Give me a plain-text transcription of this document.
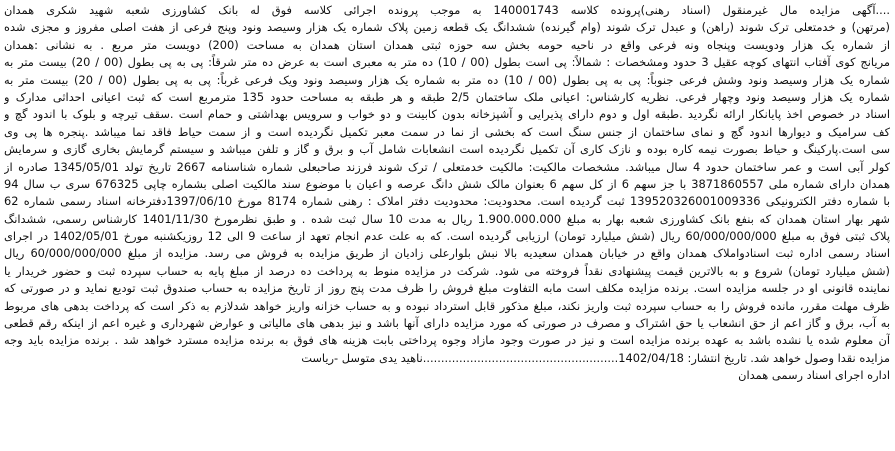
....آگهی مزایده مال غیرمنقول (اسناد رهنی)پرونده کلاسه 140001743 به موجب پرونده اجرائی کلاسه فوق له بانک کشاورزی شعبه شهید شکری همدان
(مرتهن) و خدمتعلی ترک شوند (راهن) و عبدل ترک شوند (وام گیرنده) ششدانگ یک قطعه زمین پلاک شماره یک هزار وسیصد ونود وپنج فرعی از هفت اصلی مفروز و مجزی شده
از شماره یک هزار ودویست وپنجاه ونه فرعی واقع در ناحیه حومه بخش سه حوزه ثبتی همدان استان همدان به مساحت (200) دویست متر مربع . به نشانی :همدان
مریانج کوی آفتاب انتهای کوچه عقیل 3 حدود ومشخصات : شمالاً: پی است بطول (00 / 10) ده متر به معبری است به عرض ده متر شرقاً: پی به پی بطول (00 / 20) بیست متر به
شماره یک هزار وسیصد ونود وشش فرعی جنوباً: پی به پی بطول (00 / 10) ده متر به شماره یک هزار وسیصد ونود ویک فرعی غرباً: پی به پی بطول (00 / 20) بیست متر به
شماره یک هزار وسیصد ونود وچهار فرعی. نظریه کارشناس: اعیانی ملک ساختمان 2/5 طبقه و هر طبقه به مساحت حدود 135 مترمربع است که ثبت اعیانی احداثی مدارک و
اسناد در خصوص اخذ پایانکار ارائه نگردید .طبقه اول و دوم دارای پذیرایی و آشپزخانه بدون کابینت و دو خواب و سرویس بهداشتی و حمام است .سقف تیرچه و بلوک با اندود گچ و
کف سرامیک و دیوارها اندود گچ و نمای ساختمان از جنس سنگ است که بخشی از نما در سمت معبر تکمیل نگردیده است و از سمت حیاط فاقد نما میباشد .پنجره ها پی وی
سی است.پارکینگ و حیاط بصورت نیمه کاره بوده و نازک کاری آن تکمیل نگردیده است انشعابات شامل آب و برق و گاز و تلفن میباشد و سیستم گرمایش بخاری گازی و سرمایش
کولر آبی است و عمر ساختمان حدود 4 سال میباشد. مشخصات مالکیت: مالکیت خدمتعلی / ترک شوند فرزند صاحبعلی شماره شناسنامه 2667 تاریخ تولد 1345/05/01 صادره از
همدان دارای شماره ملی 3871860557 با جز سهم 6 از کل سهم 6 بعنوان مالک شش دانگ عرصه و اعیان با موضوع سند مالکیت اصلی بشماره چاپی 676325 سری ب سال 94
با شماره دفتر الکترونیکی 139520326001009336 ثبت گردیده است. محدودیت: محدودیت دفتر املاک : رهنی شماره 8174 مورخ 1397/06/10دفترخانه اسناد رسمی شماره 62
شهر بهار استان همدان که بنفع بانک کشاورزی شعبه بهار به مبلغ 1.900.000.000 ریال به مدت 10 سال ثبت شده . و طبق نظرمورخ 1401/11/30 کارشناس رسمی، ششدانگ
پلاک ثبتی فوق به مبلغ 60/000/000/000 ریال (شش میلیارد تومان) ارزیابی گردیده است. که به علت عدم انجام تعهد از ساعت 9 الی 12 روزیکشنبه مورخ 1402/05/01 در اجرای
اسناد رسمی اداره ثبت اسنادواملاک همدان واقع در خیابان همدان سعیدیه بالا نبش بلوارعلی زادیان از طریق مزایده به فروش می رسد. مزایده از مبلغ 60/000/000/000 ریال
(شش میلیارد تومان) شروع و به بالاترین قیمت پیشنهادی نقداً فروخته می شود. شرکت در مزایده منوط به پرداخت ده درصد از مبلغ پایه به حساب سپرده ثبت و حضور خریدار یا
نماینده قانونی او در جلسه مزایده است. برنده مزایده مکلف است مابه التفاوت مبلغ فروش را ظرف مدت پنج روز از تاریخ مزایده به حساب صندوق ثبت تودیع نماید و در صورتی که
ظرف مهلت مقرر، مانده فروش را به حساب سپرده ثبت واریز نکند، مبلغ مذکور قابل استرداد نبوده و به حساب خزانه واریز خواهد شدلازم به ذکر است که پرداخت بدهی های مربوط
به آب، برق و گاز اعم از حق انشعاب یا حق اشتراک و مصرف در صورتی که مورد مزایده دارای آنها باشد و نیز بدهی های مالیاتی و عوارض شهرداری و غیره اعم از اینکه رقم قطعی
آن معلوم شده یا نشده باشد به عهده برنده مزایده است و نیز در صورت وجود مازاد وجوه پرداختی بابت هزینه های فوق به برنده مزایده مسترد خواهد شد . برنده مزایده باید وجه
مزایده نقدا وصول خواهد شد. تاریخ انتشار: 1402/04/18......................................................ناهید یدی متوسل -ریاست
اداره اجرای اسناد رسمی همدان
